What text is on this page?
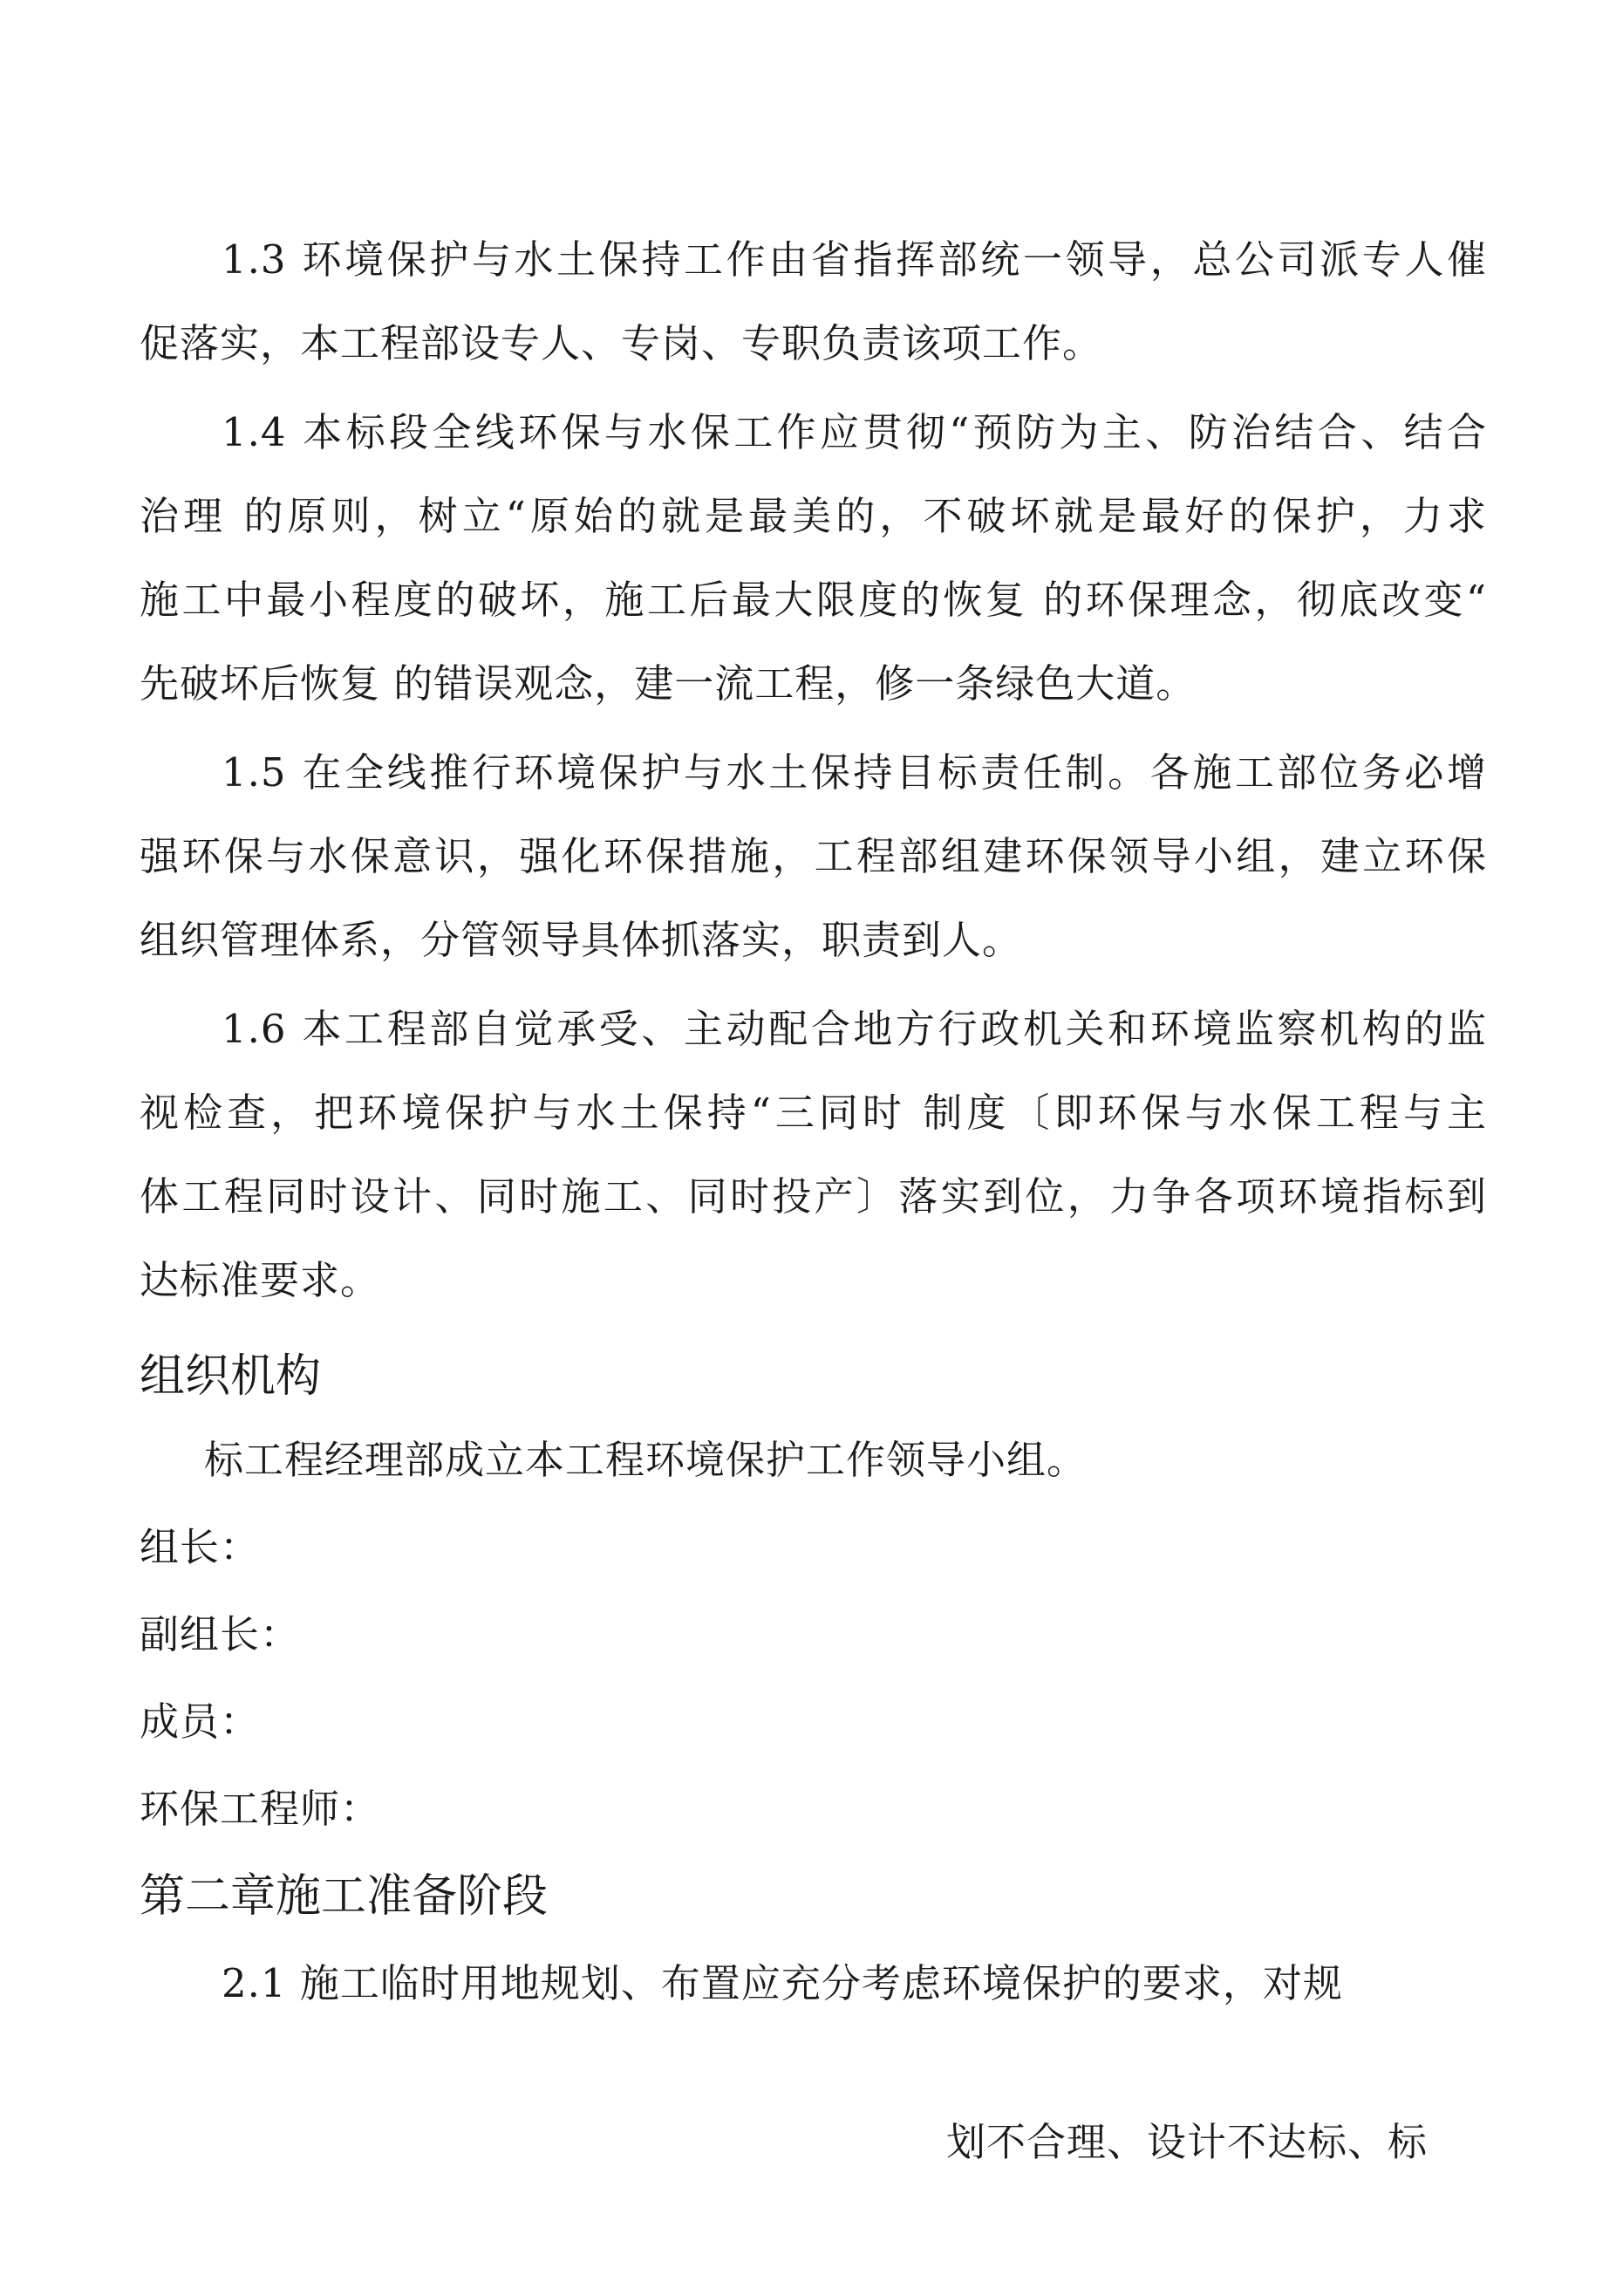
1.3 环境保护与水土保持工作由省指挥部统一领导，总公司派专人催
促落实，本工程部设专人、专岗、专职负责该项工作。
1.4 本标段全线环保与水保工作应贯彻“预防为主、防治结合、结合
治理 的原则，树立“原始的就是最美的，不破坏就是最好的保护，力求
施工中最小程度的破坏，施工后最大限度的恢复 的环保理念，彻底改变“
先破坏后恢复 的错误观念，建一流工程，修一条绿色大道。
1.5 在全线推行环境保护与水土保持目标责任制。各施工部位务必增
强环保与水保意识，强化环保措施，工程部组建环保领导小组，建立环保
组织管理体系，分管领导具体抓落实，职责到人。
1.6 本工程部自觉承受、主动配合地方行政机关和环境监察机构的监
视检查，把环境保护与水土保持“三同时 制度〔即环保与水保工程与主
体工程同时设计、同时施工、同时投产〕落实到位，力争各项环境指标到
达标准要求。
组织机构
标工程经理部成立本工程环境保护工作领导小组。
组长：
副组长：
成员：
环保工程师：
第二章施工准备阶段
2.1 施工临时用地规划、布置应充分考虑环境保护的要求，对规
划不合理、设计不达标、标
